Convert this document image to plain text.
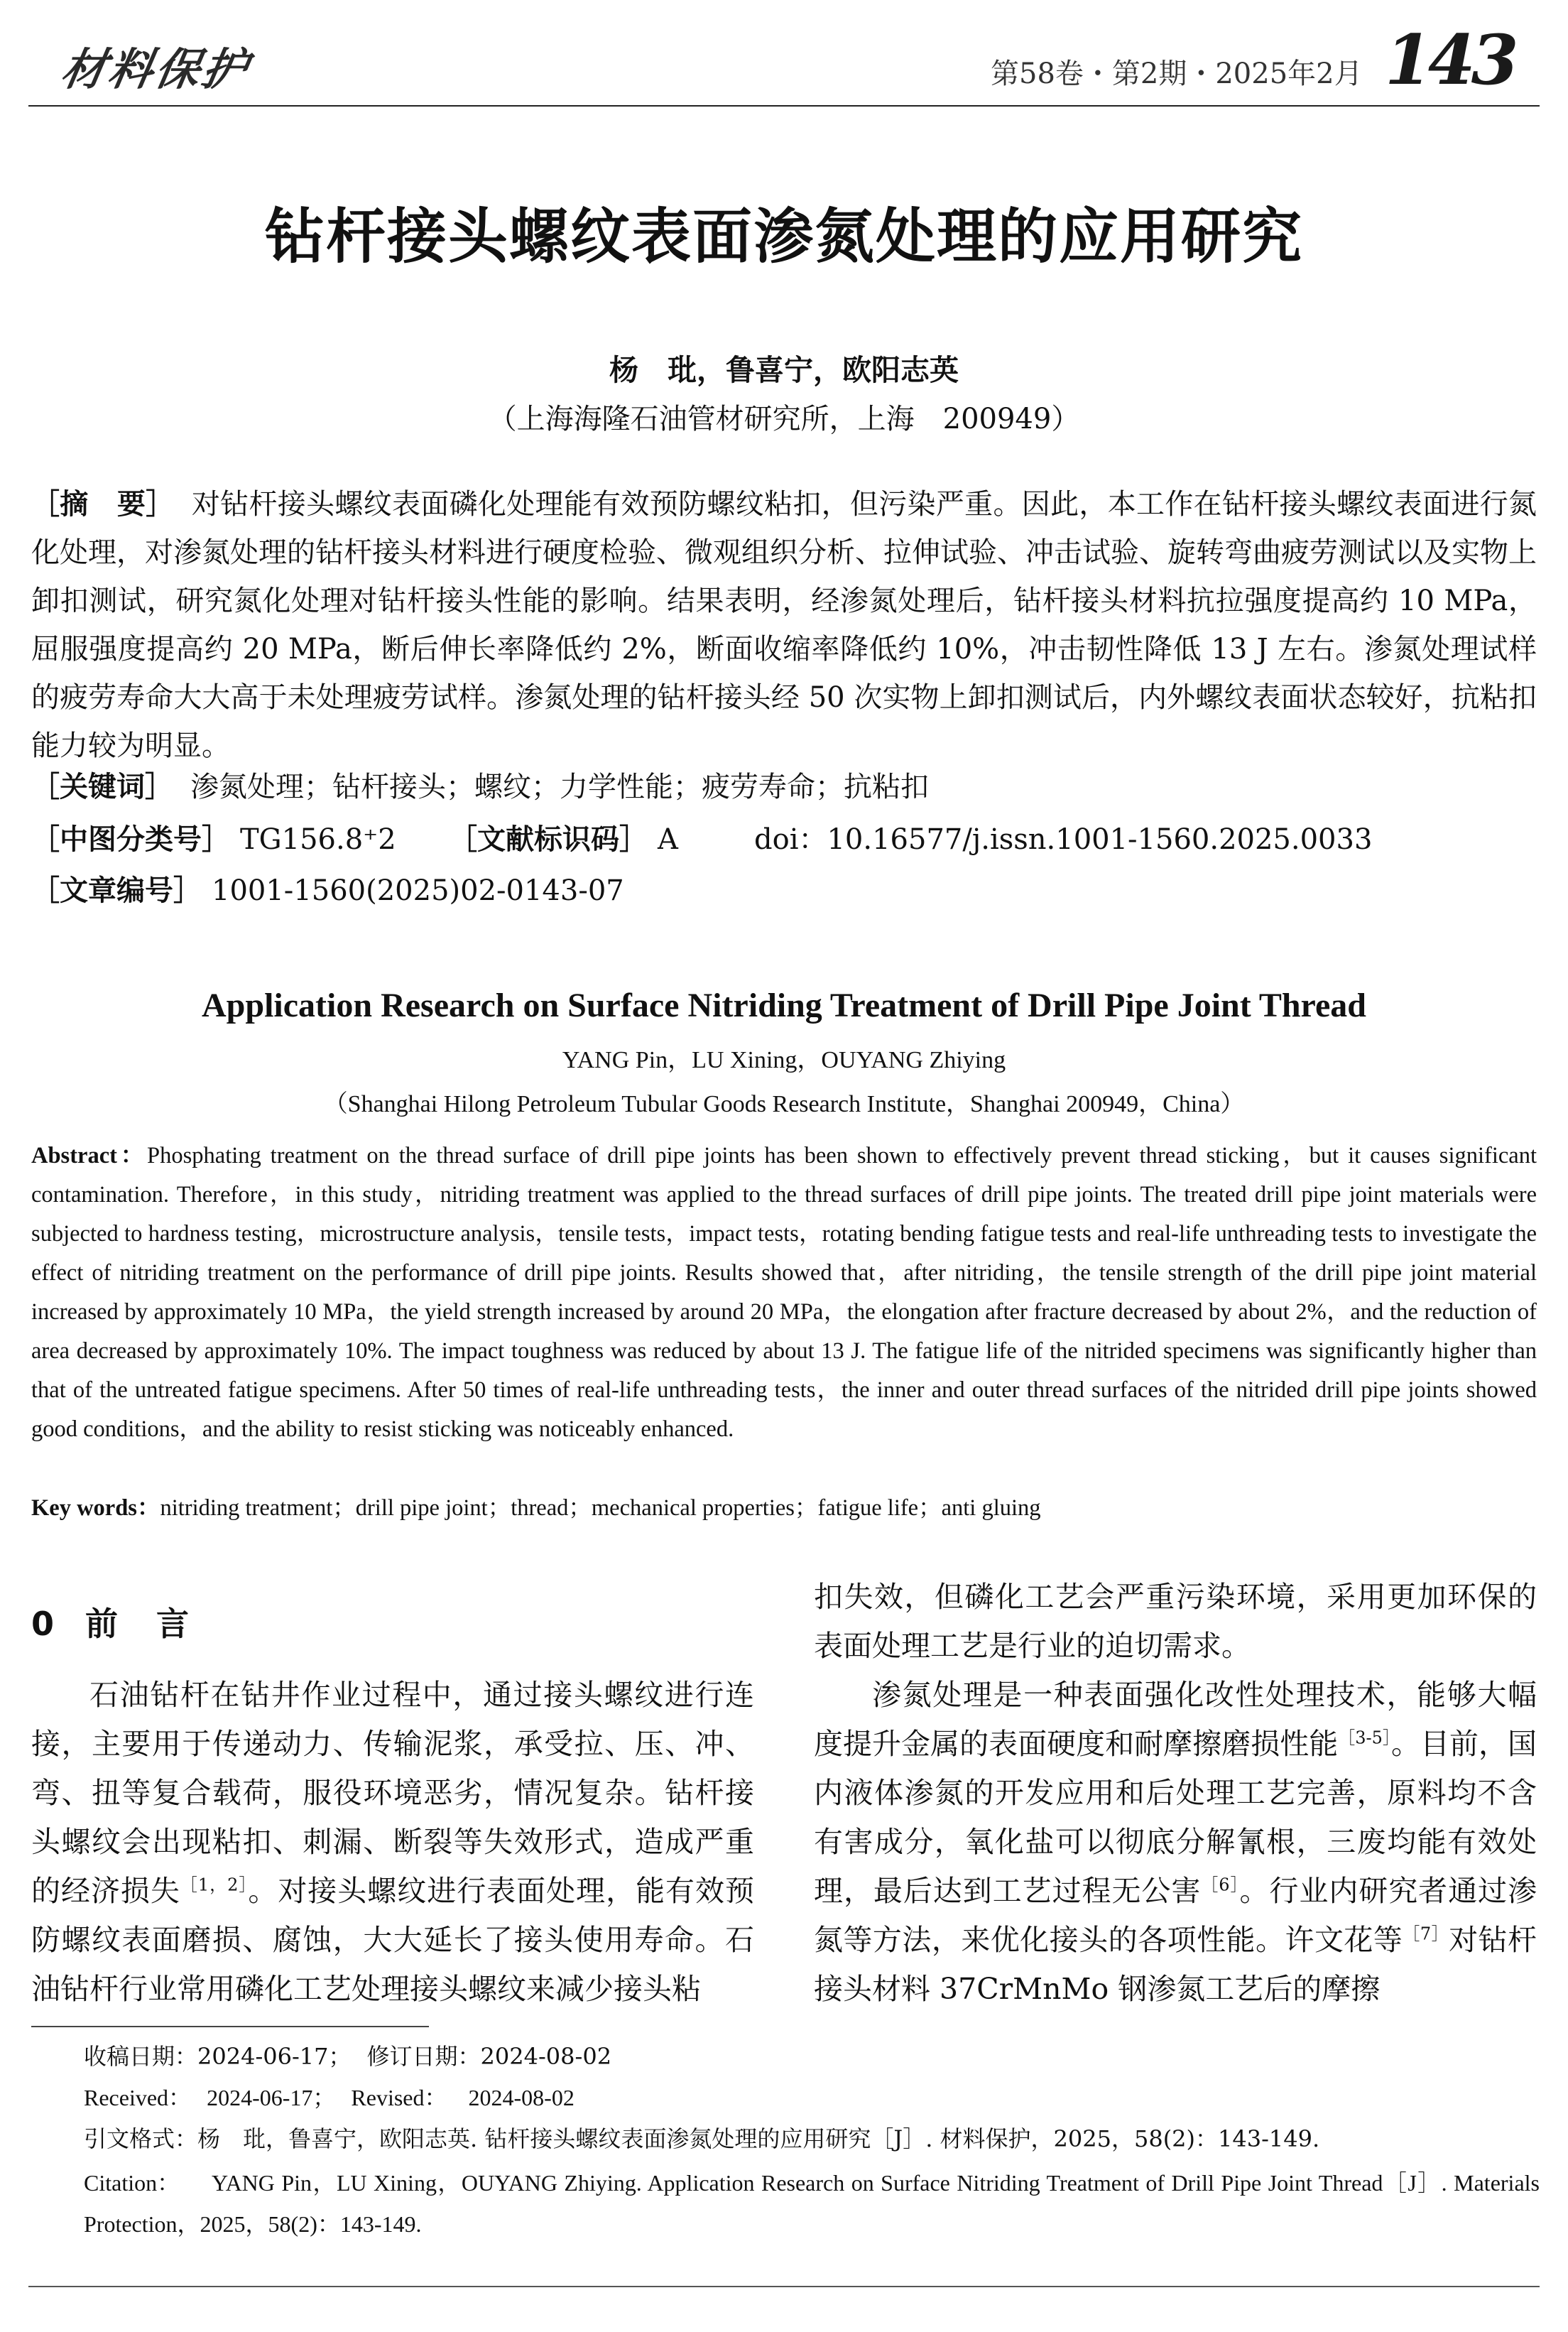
材料保护	第58卷・第2期・2025年2月 143
钻杆接头螺纹表面渗氮处理的应用研究
杨　玭，鲁喜宁，欧阳志英
（上海海隆石油管材研究所，上海　200949）
［摘　要］ 对钻杆接头螺纹表面磷化处理能有效预防螺纹粘扣，但污染严重。因此，本工作在钻杆接头螺纹表面进行氮化处理，对渗氮处理的钻杆接头材料进行硬度检验、微观组织分析、拉伸试验、冲击试验、旋转弯曲疲劳测试以及实物上卸扣测试，研究氮化处理对钻杆接头性能的影响。结果表明，经渗氮处理后，钻杆接头材料抗拉强度提高约 10 MPa，屈服强度提高约 20 MPa，断后伸长率降低约 2%，断面收缩率降低约 10%，冲击韧性降低 13 J 左右。渗氮处理试样的疲劳寿命大大高于未处理疲劳试样。渗氮处理的钻杆接头经 50 次实物上卸扣测试后，内外螺纹表面状态较好，抗粘扣能力较为明显。
［关键词］ 渗氮处理；钻杆接头；螺纹；力学性能；疲劳寿命；抗粘扣
［中图分类号］ TG156.8⁺2 ［文献标识码］ A	doi：10.16577/j.issn.1001-1560.2025.0033
［文章编号］ 1001-1560(2025)02-0143-07
Application Research on Surface Nitriding Treatment of Drill Pipe Joint Thread
YANG Pin，LU Xining，OUYANG Zhiying
（Shanghai Hilong Petroleum Tubular Goods Research Institute，Shanghai 200949，China）
Abstract：Phosphating treatment on the thread surface of drill pipe joints has been shown to effectively prevent thread sticking，but it causes significant contamination. Therefore，in this study，nitriding treatment was applied to the thread surfaces of drill pipe joints. The treated drill pipe joint materials were subjected to hardness testing，microstructure analysis，tensile tests，impact tests，rotating bending fatigue tests and real-life unthreading tests to investigate the effect of nitriding treatment on the performance of drill pipe joints. Results showed that，after nitriding，the tensile strength of the drill pipe joint material increased by approximately 10 MPa，the yield strength increased by around 20 MPa，the elongation after fracture decreased by about 2%，and the reduction of area decreased by approximately 10%. The impact toughness was reduced by about 13 J. The fatigue life of the nitrided specimens was significantly higher than that of the untreated fatigue specimens. After 50 times of real-life unthreading tests，the inner and outer thread surfaces of the nitrided drill pipe joints showed good conditions，and the ability to resist sticking was noticeably enhanced.
Key words：nitriding treatment；drill pipe joint；thread；mechanical properties；fatigue life；anti gluing
0 前　言

石油钻杆在钻井作业过程中，通过接头螺纹进行连接，主要用于传递动力、传输泥浆，承受拉、压、冲、弯、扭等复合载荷，服役环境恶劣，情况复杂。钻杆接头螺纹会出现粘扣、刺漏、断裂等失效形式，造成严重的经济损失$^{[1,2]}$。对接头螺纹进行表面处理，能有效预防螺纹表面磨损、腐蚀，大大延长了接头使用寿命。石油钻杆行业常用磷化工艺处理接头螺纹来减少接头粘

扣失效，但磷化工艺会严重污染环境，采用更加环保的表面处理工艺是行业的迫切需求。

渗氮处理是一种表面强化改性处理技术，能够大幅度提升金属的表面硬度和耐摩擦磨损性能$^{[3-5]}$。目前，国内液体渗氮的开发应用和后处理工艺完善，原料均不含有害成分，氧化盐可以彻底分解氰根，三废均能有效处理，最后达到工艺过程无公害$^{[6]}$。行业内研究者通过渗氮等方法，来优化接头的各项性能。许文花等$^{[7]}$对钻杆接头材料 37CrMnMo 钢渗氮工艺后的摩擦

收稿日期：2024-06-17； 修订日期：2024-08-02
Received： 2024-06-17； Revised： 2024-08-02
引文格式：杨　玭，鲁喜宁，欧阳志英. 钻杆接头螺纹表面渗氮处理的应用研究［J］. 材料保护，2025，58(2)：143-149.
Citation： YANG Pin，LU Xining，OUYANG Zhiying. Application Research on Surface Nitriding Treatment of Drill Pipe Joint Thread［J］. Materials Protection，2025，58(2)：143-149.
